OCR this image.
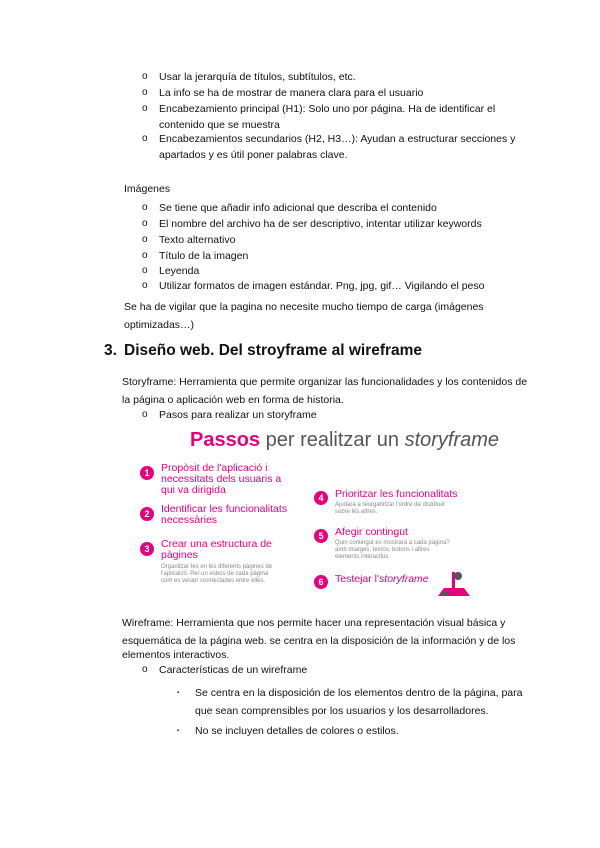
o Usar la jerarquía de títulos, subtítulos, etc.
o La info se ha de mostrar de manera clara para el usuario
o Encabezamiento principal (H1): Solo uno por página. Ha de identificar el
contenido que se muestra
o Encabezamientos secundarios (H2, H3…): Ayudan a estructurar secciones y
apartados y es útil poner palabras clave.
Imágenes
o Se tiene que añadir info adicional que describa el contenido
o El nombre del archivo ha de ser descriptivo, intentar utilizar keywords
o Texto alternativo
o Título de la imagen
o Leyenda
o Utilizar formatos de imagen estándar. Png, jpg, gif… Vigilando el peso
Se ha de vigilar que la pagina no necesite mucho tiempo de carga (imágenes
optimizadas…)
3. Diseño web. Del stroyframe al wireframe
Storyframe: Herramienta que permite organizar las funcionalidades y los contenidos de
la página o aplicación web en forma de historia.
o Pasos para realizar un storyframe
Passos per realitzar un storyframe
1	Propòsit de l'aplicació i
necessitats dels usuaris a
qui va dirigida
2	Identificar les funcionalitats
necessàries
3	Crear una estructura de
pàgines
Organitzar-les en les diferents pàgines de
l'aplicació. Per un esbós de cada pàgina
com es veuen connectades entre elles.
4	Prioritzar les funcionalitats
Ajudarà a reorganitzar l'ordre de distribuir
sobre les altres.
5	Afegir contingut
Quin contingut es mostrarà a cada pàgina?
amb imatges, textos, botons i altres
elements interactius.
6	Testejar l'storyframe
Wireframe: Herramienta que nos permite hacer una representación visual básica y
esquemática de la página web. se centra en la disposición de la información y de los
elementos interactivos.
o Características de un wireframe
▪ Se centra en la disposición de los elementos dentro de la página, para
que sean comprensibles por los usuarios y los desarrolladores.
▪ No se incluyen detalles de colores o estilos.
